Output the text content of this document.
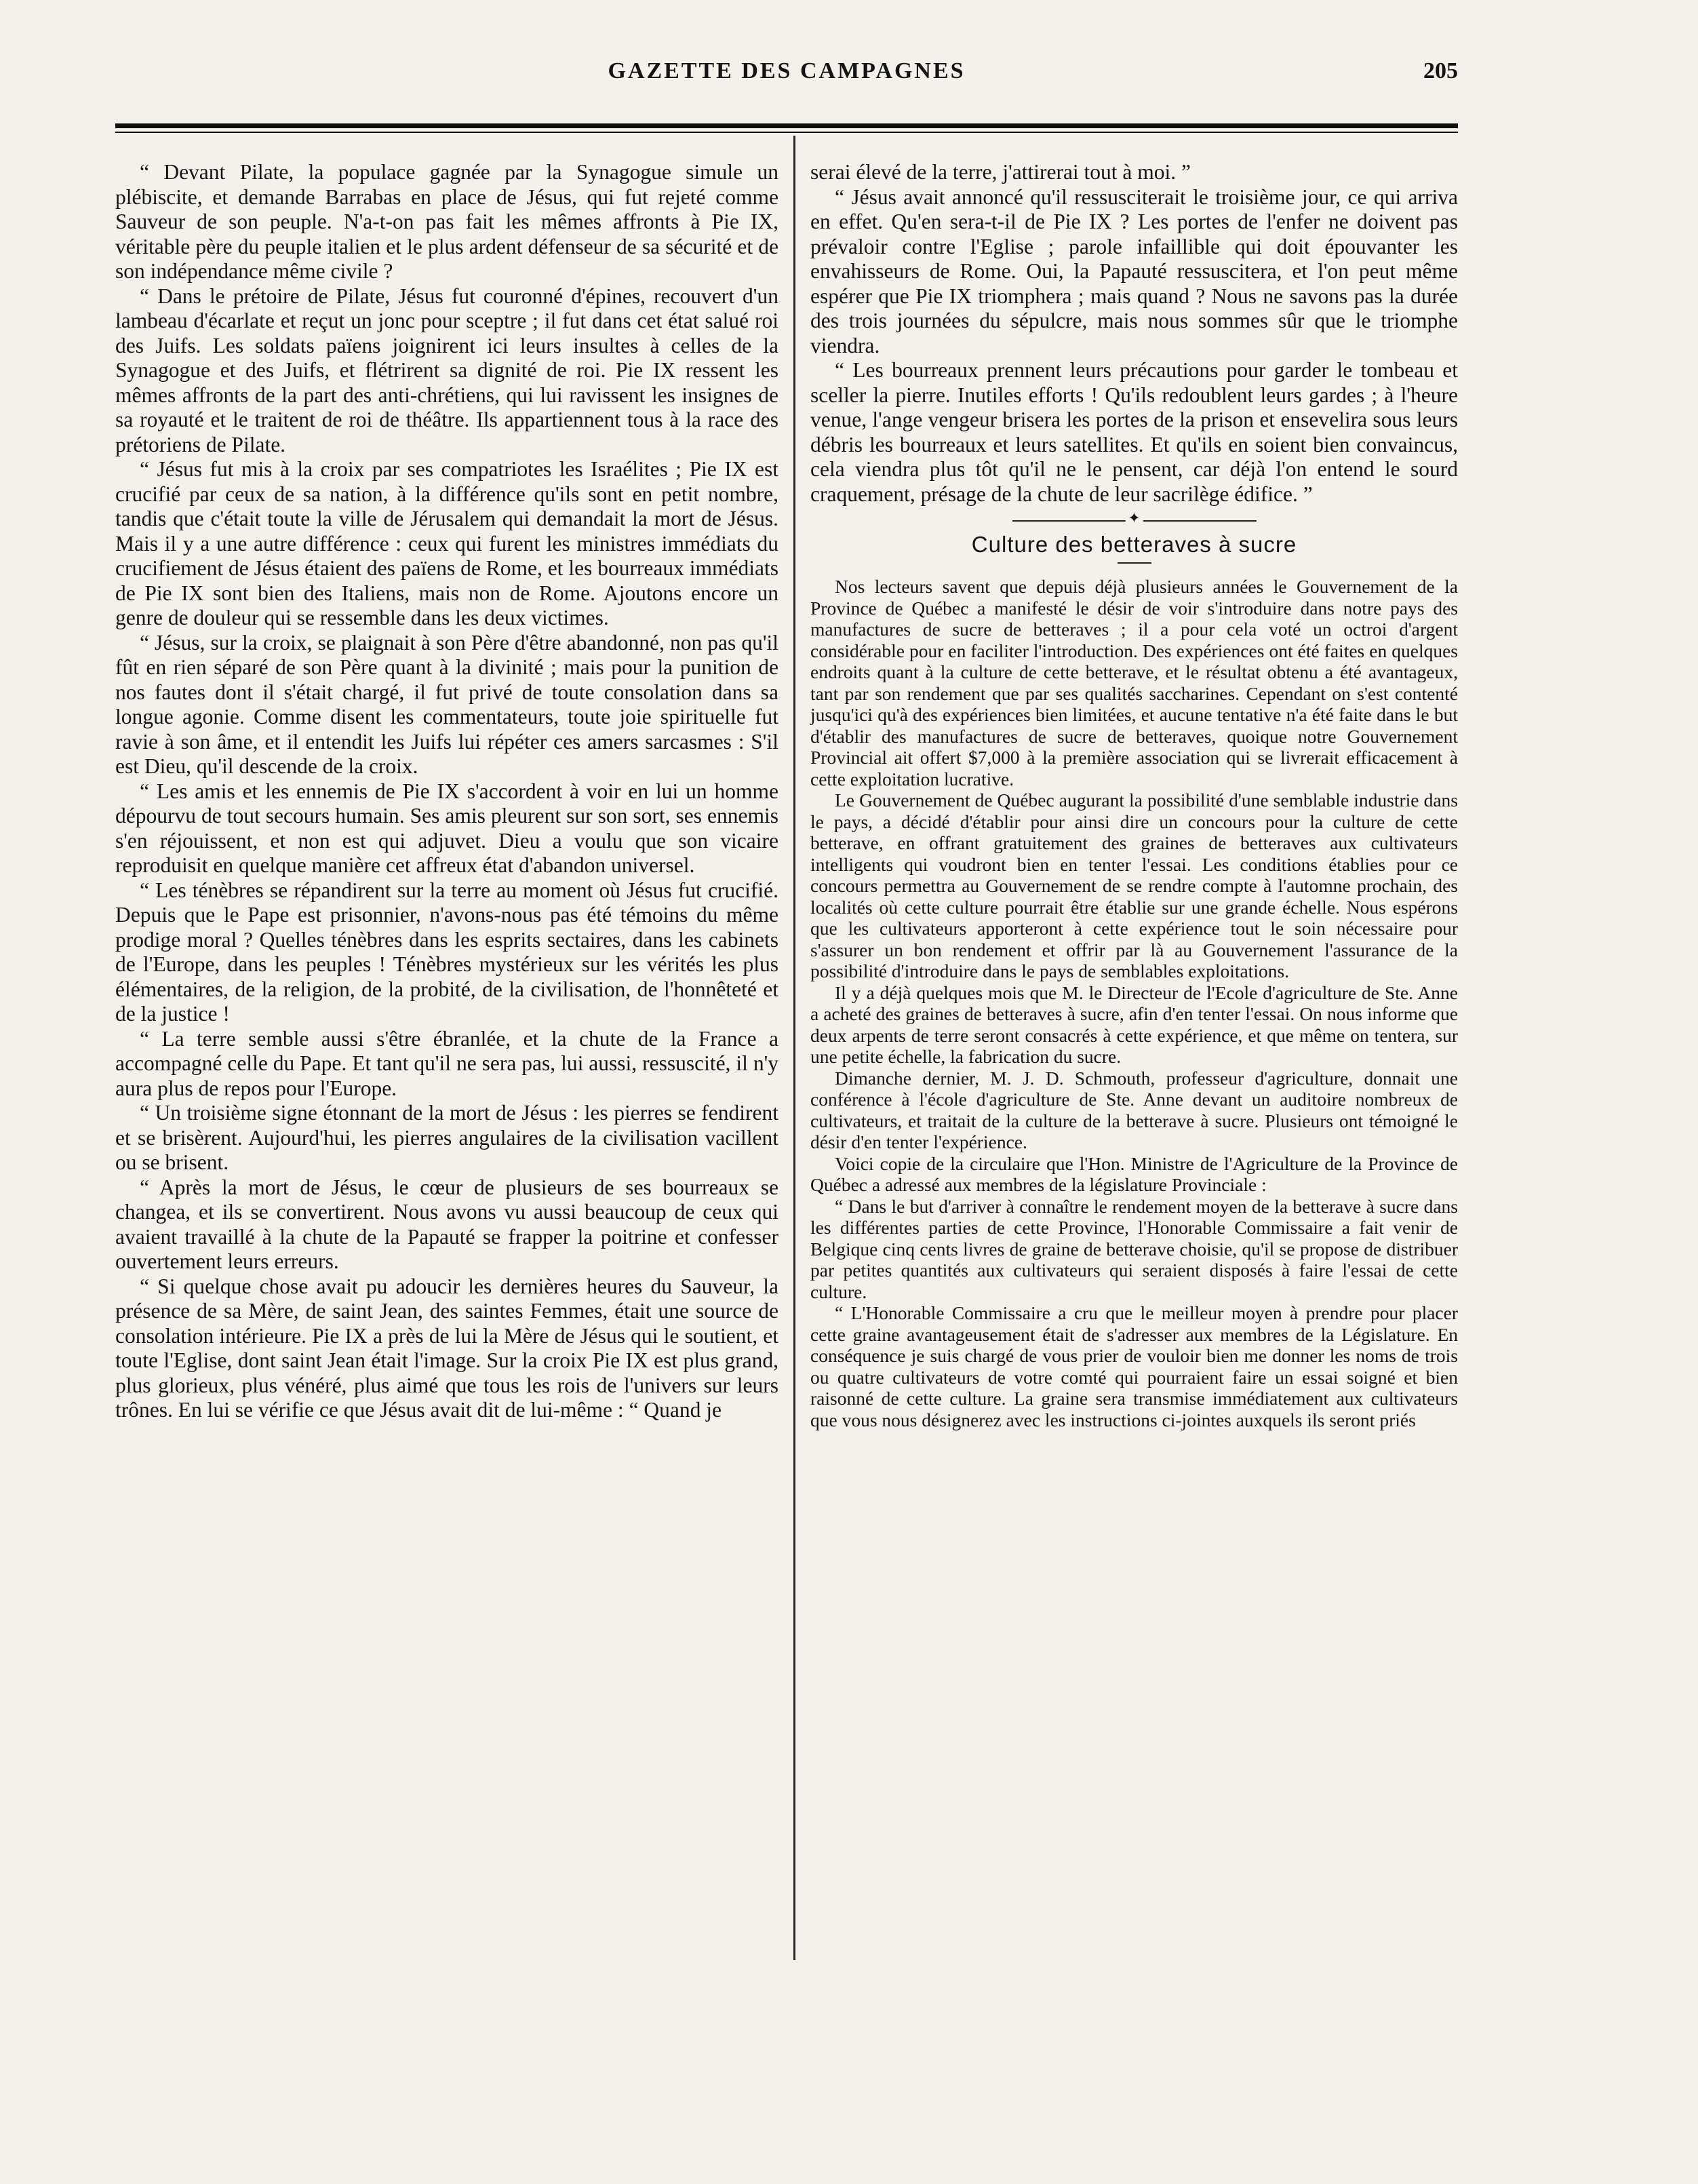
GAZETTE DES CAMPAGNES	205

“ Devant Pilate, la populace gagnée par la Synagogue simule un plébiscite, et demande Barrabas en place de Jésus, qui fut rejeté comme Sauveur de son peuple. N'a-t-on pas fait les mêmes affronts à Pie IX, véritable père du peuple italien et le plus ardent défenseur de sa sécurité et de son indépendance même civile ?

“ Dans le prétoire de Pilate, Jésus fut couronné d'épines, recouvert d'un lambeau d'écarlate et reçut un jonc pour sceptre ; il fut dans cet état salué roi des Juifs. Les soldats païens joignirent ici leurs insultes à celles de la Synagogue et des Juifs, et flétrirent sa dignité de roi. Pie IX ressent les mêmes affronts de la part des anti-chrétiens, qui lui ravissent les insignes de sa royauté et le traitent de roi de théâtre. Ils appartiennent tous à la race des prétoriens de Pilate.

“ Jésus fut mis à la croix par ses compatriotes les Israélites ; Pie IX est crucifié par ceux de sa nation, à la différence qu'ils sont en petit nombre, tandis que c'était toute la ville de Jérusalem qui demandait la mort de Jésus. Mais il y a une autre différence : ceux qui furent les ministres immédiats du crucifiement de Jésus étaient des païens de Rome, et les bourreaux immédiats de Pie IX sont bien des Italiens, mais non de Rome. Ajoutons encore un genre de douleur qui se ressemble dans les deux victimes.

“ Jésus, sur la croix, se plaignait à son Père d'être abandonné, non pas qu'il fût en rien séparé de son Père quant à la divinité ; mais pour la punition de nos fautes dont il s'était chargé, il fut privé de toute consolation dans sa longue agonie. Comme disent les commentateurs, toute joie spirituelle fut ravie à son âme, et il entendit les Juifs lui répéter ces amers sarcasmes : S'il est Dieu, qu'il descende de la croix.

“ Les amis et les ennemis de Pie IX s'accordent à voir en lui un homme dépourvu de tout secours humain. Ses amis pleurent sur son sort, ses ennemis s'en réjouissent, et non est qui adjuvet. Dieu a voulu que son vicaire reproduisit en quelque manière cet affreux état d'abandon universel.

“ Les ténèbres se répandirent sur la terre au moment où Jésus fut crucifié. Depuis que le Pape est prisonnier, n'avons-nous pas été témoins du même prodige moral ? Quelles ténèbres dans les esprits sectaires, dans les cabinets de l'Europe, dans les peuples ! Ténèbres mystérieux sur les vérités les plus élémentaires, de la religion, de la probité, de la civilisation, de l'honnêteté et de la justice !

“ La terre semble aussi s'être ébranlée, et la chute de la France a accompagné celle du Pape. Et tant qu'il ne sera pas, lui aussi, ressuscité, il n'y aura plus de repos pour l'Europe.

“ Un troisième signe étonnant de la mort de Jésus : les pierres se fendirent et se brisèrent. Aujourd'hui, les pierres angulaires de la civilisation vacillent ou se brisent.

“ Après la mort de Jésus, le cœur de plusieurs de ses bourreaux se changea, et ils se convertirent. Nous avons vu aussi beaucoup de ceux qui avaient travaillé à la chute de la Papauté se frapper la poitrine et confesser ouvertement leurs erreurs.

“ Si quelque chose avait pu adoucir les dernières heures du Sauveur, la présence de sa Mère, de saint Jean, des saintes Femmes, était une source de consolation intérieure. Pie IX a près de lui la Mère de Jésus qui le soutient, et toute l'Eglise, dont saint Jean était l'image. Sur la croix Pie IX est plus grand, plus glorieux, plus vénéré, plus aimé que tous les rois de l'univers sur leurs trônes. En lui se vérifie ce que Jésus avait dit de lui-même : “ Quand je

serai élevé de la terre, j'attirerai tout à moi. ”

“ Jésus avait annoncé qu'il ressusciterait le troisième jour, ce qui arriva en effet. Qu'en sera-t-il de Pie IX ? Les portes de l'enfer ne doivent pas prévaloir contre l'Eglise ; parole infaillible qui doit épouvanter les envahisseurs de Rome. Oui, la Papauté ressuscitera, et l'on peut même espérer que Pie IX triomphera ; mais quand ? Nous ne savons pas la durée des trois journées du sépulcre, mais nous sommes sûr que le triomphe viendra.

“ Les bourreaux prennent leurs précautions pour garder le tombeau et sceller la pierre. Inutiles efforts ! Qu'ils redoublent leurs gardes ; à l'heure venue, l'ange vengeur brisera les portes de la prison et ensevelira sous leurs débris les bourreaux et leurs satellites. Et qu'ils en soient bien convaincus, cela viendra plus tôt qu'il ne le pensent, car déjà l'on entend le sourd craquement, présage de la chute de leur sacrilège édifice. ”

✦
Culture des betteraves à sucre

Nos lecteurs savent que depuis déjà plusieurs années le Gouvernement de la Province de Québec a manifesté le désir de voir s'introduire dans notre pays des manufactures de sucre de betteraves ; il a pour cela voté un octroi d'argent considérable pour en faciliter l'introduction. Des expériences ont été faites en quelques endroits quant à la culture de cette betterave, et le résultat obtenu a été avantageux, tant par son rendement que par ses qualités saccharines. Cependant on s'est contenté jusqu'ici qu'à des expériences bien limitées, et aucune tentative n'a été faite dans le but d'établir des manufactures de sucre de betteraves, quoique notre Gouvernement Provincial ait offert $7,000 à la première association qui se livrerait efficacement à cette exploitation lucrative.

Le Gouvernement de Québec augurant la possibilité d'une semblable industrie dans le pays, a décidé d'établir pour ainsi dire un concours pour la culture de cette betterave, en offrant gratuitement des graines de betteraves aux cultivateurs intelligents qui voudront bien en tenter l'essai. Les conditions établies pour ce concours permettra au Gouvernement de se rendre compte à l'automne prochain, des localités où cette culture pourrait être établie sur une grande échelle. Nous espérons que les cultivateurs apporteront à cette expérience tout le soin nécessaire pour s'assurer un bon rendement et offrir par là au Gouvernement l'assurance de la possibilité d'introduire dans le pays de semblables exploitations.

Il y a déjà quelques mois que M. le Directeur de l'Ecole d'agriculture de Ste. Anne a acheté des graines de betteraves à sucre, afin d'en tenter l'essai. On nous informe que deux arpents de terre seront consacrés à cette expérience, et que même on tentera, sur une petite échelle, la fabrication du sucre.

Dimanche dernier, M. J. D. Schmouth, professeur d'agriculture, donnait une conférence à l'école d'agriculture de Ste. Anne devant un auditoire nombreux de cultivateurs, et traitait de la culture de la betterave à sucre. Plusieurs ont témoigné le désir d'en tenter l'expérience.

Voici copie de la circulaire que l'Hon. Ministre de l'Agriculture de la Province de Québec a adressé aux membres de la législature Provinciale :

“ Dans le but d'arriver à connaître le rendement moyen de la betterave à sucre dans les différentes parties de cette Province, l'Honorable Commissaire a fait venir de Belgique cinq cents livres de graine de betterave choisie, qu'il se propose de distribuer par petites quantités aux cultivateurs qui seraient disposés à faire l'essai de cette culture.

“ L'Honorable Commissaire a cru que le meilleur moyen à prendre pour placer cette graine avantageusement était de s'adresser aux membres de la Législature. En conséquence je suis chargé de vous prier de vouloir bien me donner les noms de trois ou quatre cultivateurs de votre comté qui pourraient faire un essai soigné et bien raisonné de cette culture. La graine sera transmise immédiatement aux cultivateurs que vous nous désignerez avec les instructions ci-jointes auxquels ils seront priés
